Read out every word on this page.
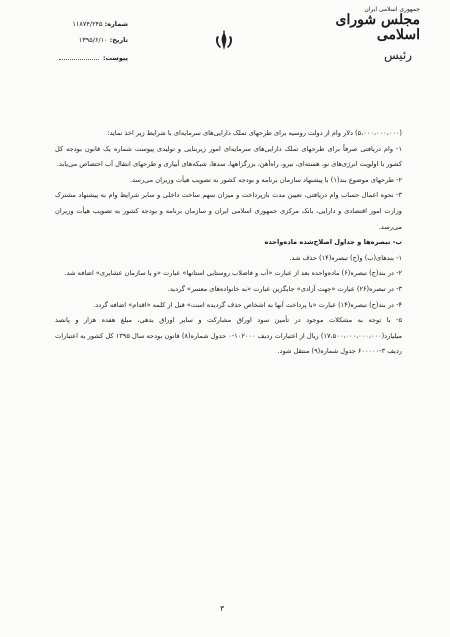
شماره: ۱۱۸۷۴/۲۴۵
تاریخ: ۱۳۹۵/۶/۱۰
پیوست:
جمهوری اسلامی ایران
مجلس شورای اسلامی
رئیس

(۵،۰۰۰،۰۰۰،۰۰۰) دلار وام از دولت روسیه برای طرحهای تملک دارایی‌های سرمایه‌ای با شرایط زیر اخذ نماید:

۱- وام دریافتی صرفاً برای طرحهای تملک دارایی‌های سرمایه‌ای امور زیربنایی و تولیدی پیوست شماره یک قانون بودجه کل کشور با اولویت انرژی‌های نو، هسته‌ای، نیرو، راه‌آهن، بزرگراهها، سدها، شبکه‌های آبیاری و طرحهای انتقال آب اختصاص می‌یابد.

۲- طرحهای موضوع بند(۱) با پیشنهاد سازمان برنامه و بودجه کشور به تصویب هیأت وزیران می‌رسد.

۳- نحوه اعمال حساب وام دریافتی، تعیین مدت بازپرداخت و میزان سهم ساخت داخلی و سایر شرایط وام به پیشنهاد مشترک وزارت امور اقتصادی و دارایی، بانک مرکزی جمهوری اسلامی ایران و سازمان برنامه و بودجه کشور به تصویب هیأت وزیران می‌رسد.

ب- تبصره‌ها و جداول اصلاح‌شده ماده‌واحده

۱- بندهای(ب) و(ح) تبصره(۱۴) حذف شد.

۲- در بند(ج) تبصره(۶) ماده‌واحده بعد از عبارت «آب و فاضلاب روستایی استانها» عبارت «و یا سازمان عشایری» اضافه شد.

۳- در تبصره(۲۶) عبارت «جهت آزادی» جایگزین عبارت «به خانواده‌های معسر» گردید.

۴- در بند(ح) تبصره(۱۴) عبارت «با پرداخت آنها به اشخاص حذف گردیده است» قبل از کلمه «اقدام» اضافه گردد.

۵- با توجه به مشکلات موجود در تأمین سود اوراق مشارکت و سایر اوراق بدهی، مبلغ هفده هزار و پانصد میلیارد(۱۷،۵۰۰،۰۰۰،۰۰۰،۰۰۰) ریال از اعتبارات ردیف ۱۰۲۰۰۰-۰ جدول شماره(۸) قانون بودجه سال ۱۳۹۵ کل کشور به اعتبارات ردیف ۳-۶۰۰۰۰۰ جدول شماره(۹) منتقل شود.

۳
